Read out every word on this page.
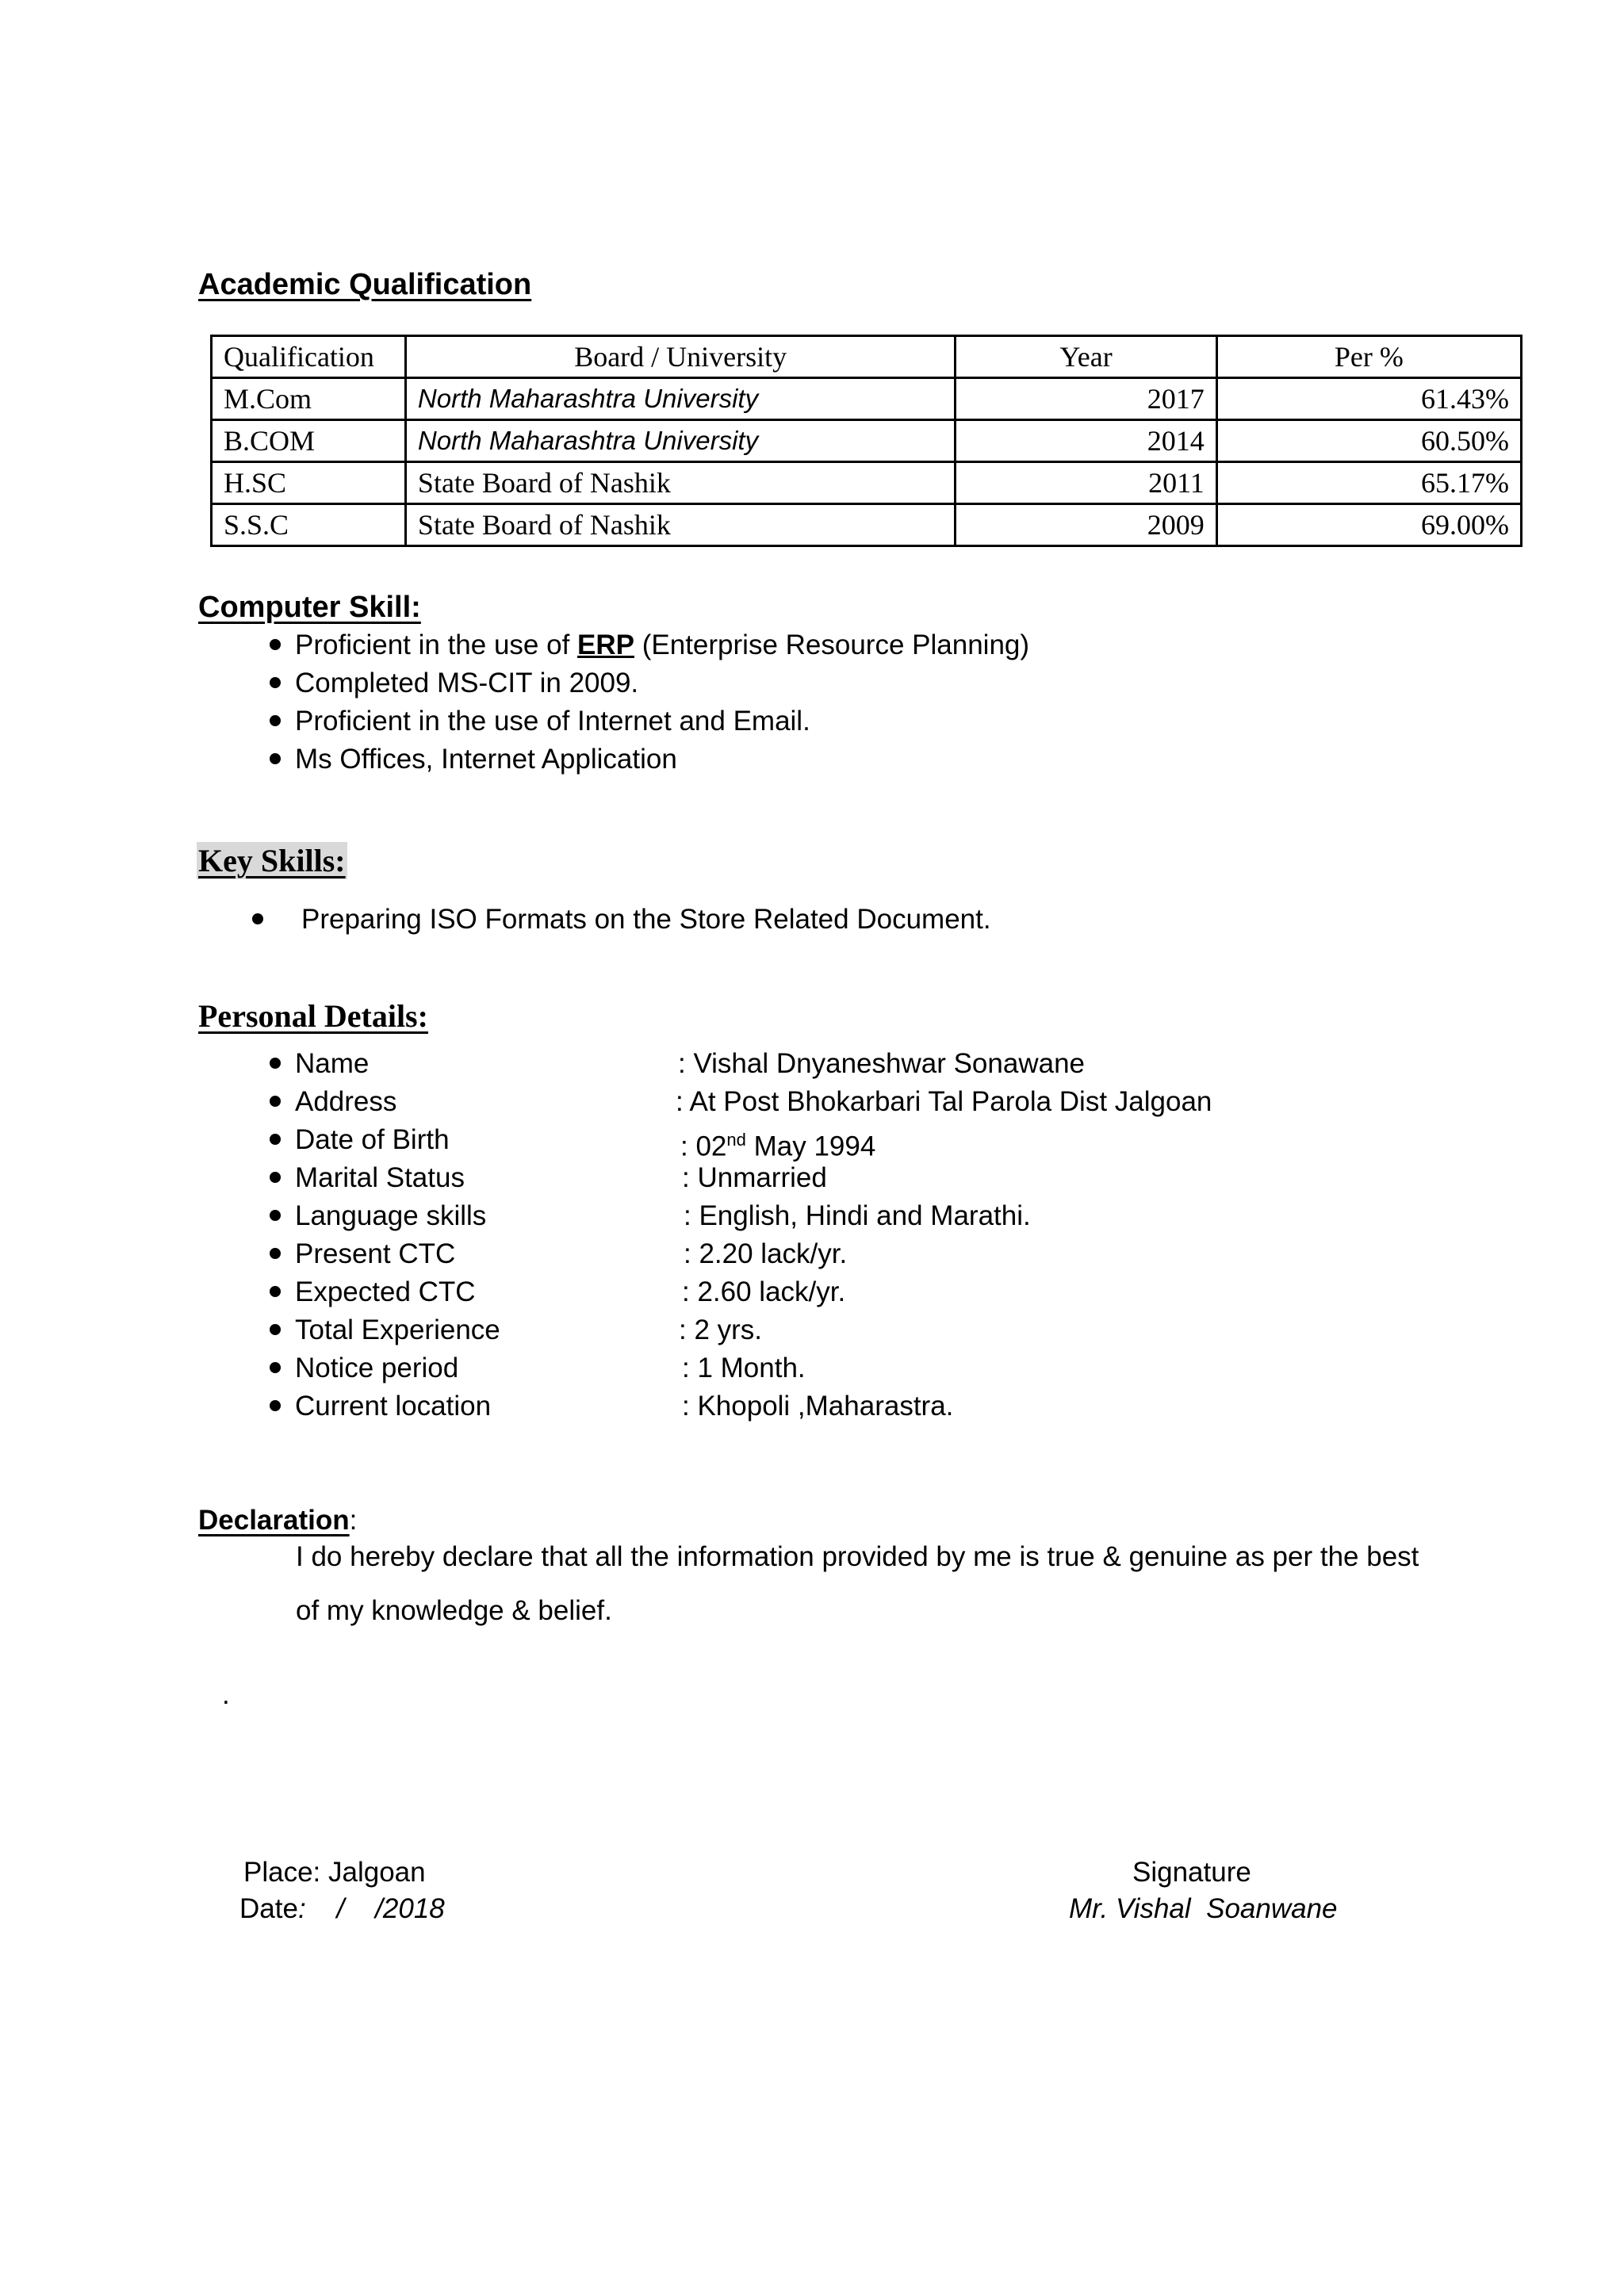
Academic Qualification
Qualification	Board / University	Year	Per %
M.Com	North Maharashtra University	2017	61.43%
B.COM	North Maharashtra University	2014	60.50%
H.SC	State Board of Nashik	2011	65.17%
S.S.C	State Board of Nashik	2009	69.00%
Computer Skill:
Proficient in the use of ERP (Enterprise Resource Planning)
Completed MS-CIT in 2009.
Proficient in the use of Internet and Email.
Ms Offices, Internet Application
Key Skills:
Preparing ISO Formats on the Store Related Document.
Personal Details:
Name	: Vishal Dnyaneshwar Sonawane
Address	: At Post Bhokarbari Tal Parola Dist Jalgoan
Date of Birth	: 02nd May 1994
Marital Status	: Unmarried
Language skills	: English, Hindi and Marathi.
Present CTC	: 2.20 lack/yr.
Expected CTC	: 2.60 lack/yr.
Total Experience	: 2 yrs.
Notice period	: 1 Month.
Current location	: Khopoli ,Maharastra.
Declaration:
I do hereby declare that all the information provided by me is true & genuine as per the best
of my knowledge & belief.
.
Place: Jalgoan
Date:    /    /2018
Signature
Mr. Vishal  Soanwane
